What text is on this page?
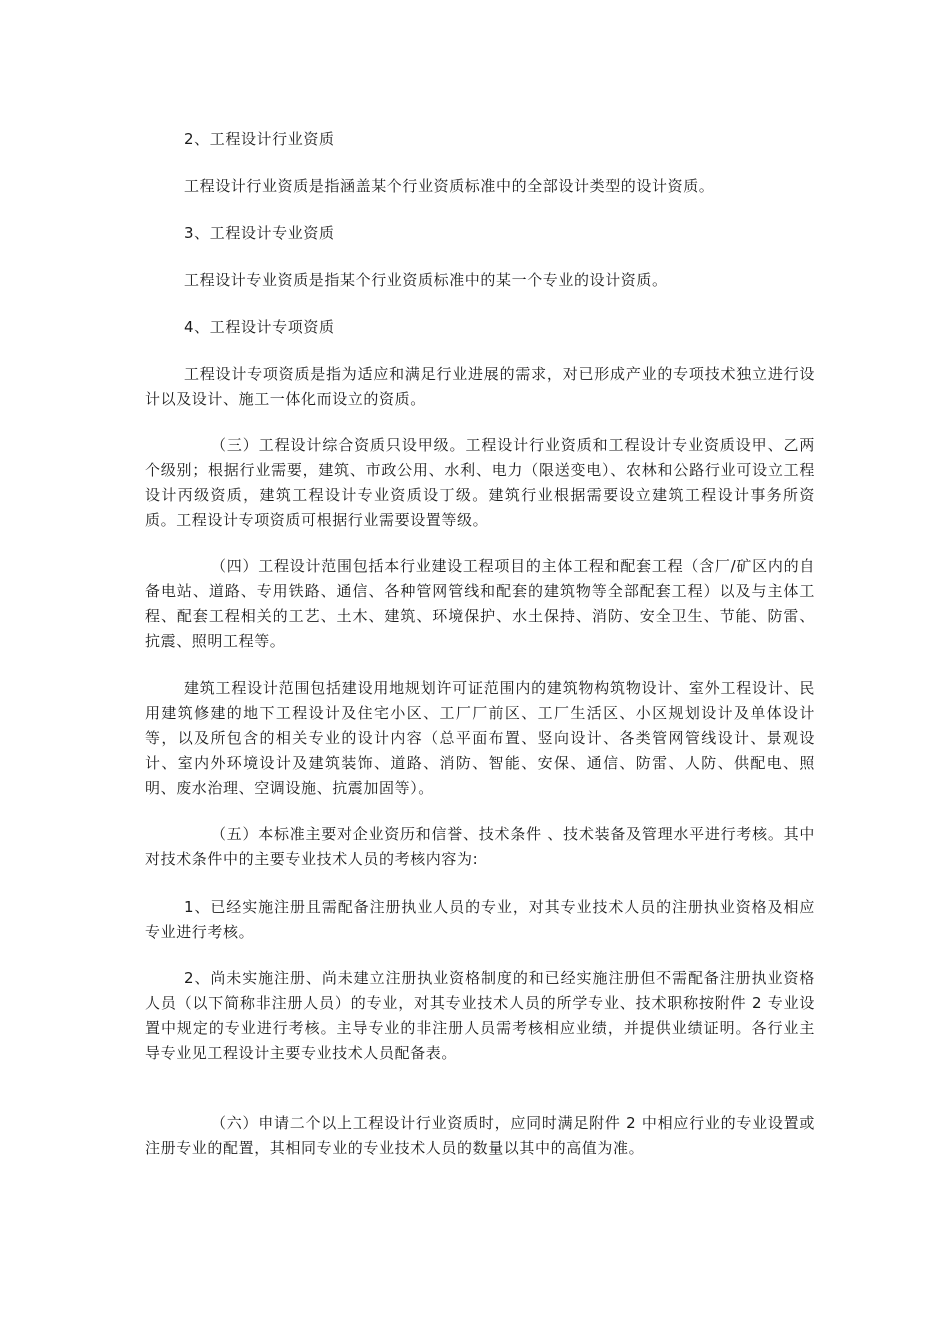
2、工程设计行业资质

工程设计行业资质是指涵盖某个行业资质标准中的全部设计类型的设计资质。

3、工程设计专业资质

工程设计专业资质是指某个行业资质标准中的某一个专业的设计资质。

4、工程设计专项资质

工程设计专项资质是指为适应和满足行业进展的需求，对已形成产业的专项技术独立进行设计以及设计、施工一体化而设立的资质。

（三）工程设计综合资质只设甲级。工程设计行业资质和工程设计专业资质设甲、乙两个级别；根据行业需要，建筑、市政公用、水利、电力（限送变电）、农林和公路行业可设立工程设计丙级资质，建筑工程设计专业资质设丁级。建筑行业根据需要设立建筑工程设计事务所资质。工程设计专项资质可根据行业需要设置等级。

（四）工程设计范围包括本行业建设工程项目的主体工程和配套工程（含厂/矿区内的自备电站、道路、专用铁路、通信、各种管网管线和配套的建筑物等全部配套工程）以及与主体工程、配套工程相关的工艺、土木、建筑、环境保护、水土保持、消防、安全卫生、节能、防雷、抗震、照明工程等。

建筑工程设计范围包括建设用地规划许可证范围内的建筑物构筑物设计、室外工程设计、民用建筑修建的地下工程设计及住宅小区、工厂厂前区、工厂生活区、小区规划设计及单体设计等，以及所包含的相关专业的设计内容（总平面布置、竖向设计、各类管网管线设计、景观设计、室内外环境设计及建筑装饰、道路、消防、智能、安保、通信、防雷、人防、供配电、照明、废水治理、空调设施、抗震加固等）。

（五）本标准主要对企业资历和信誉、技术条件 、技术装备及管理水平进行考核。其中对技术条件中的主要专业技术人员的考核内容为:

1、已经实施注册且需配备注册执业人员的专业，对其专业技术人员的注册执业资格及相应专业进行考核。

2、尚未实施注册、尚未建立注册执业资格制度的和已经实施注册但不需配备注册执业资格人员（以下简称非注册人员）的专业，对其专业技术人员的所学专业、技术职称按附件 2 专业设置中规定的专业进行考核。主导专业的非注册人员需考核相应业绩，并提供业绩证明。各行业主导专业见工程设计主要专业技术人员配备表。

（六）申请二个以上工程设计行业资质时，应同时满足附件 2 中相应行业的专业设置或注册专业的配置，其相同专业的专业技术人员的数量以其中的高值为准。
